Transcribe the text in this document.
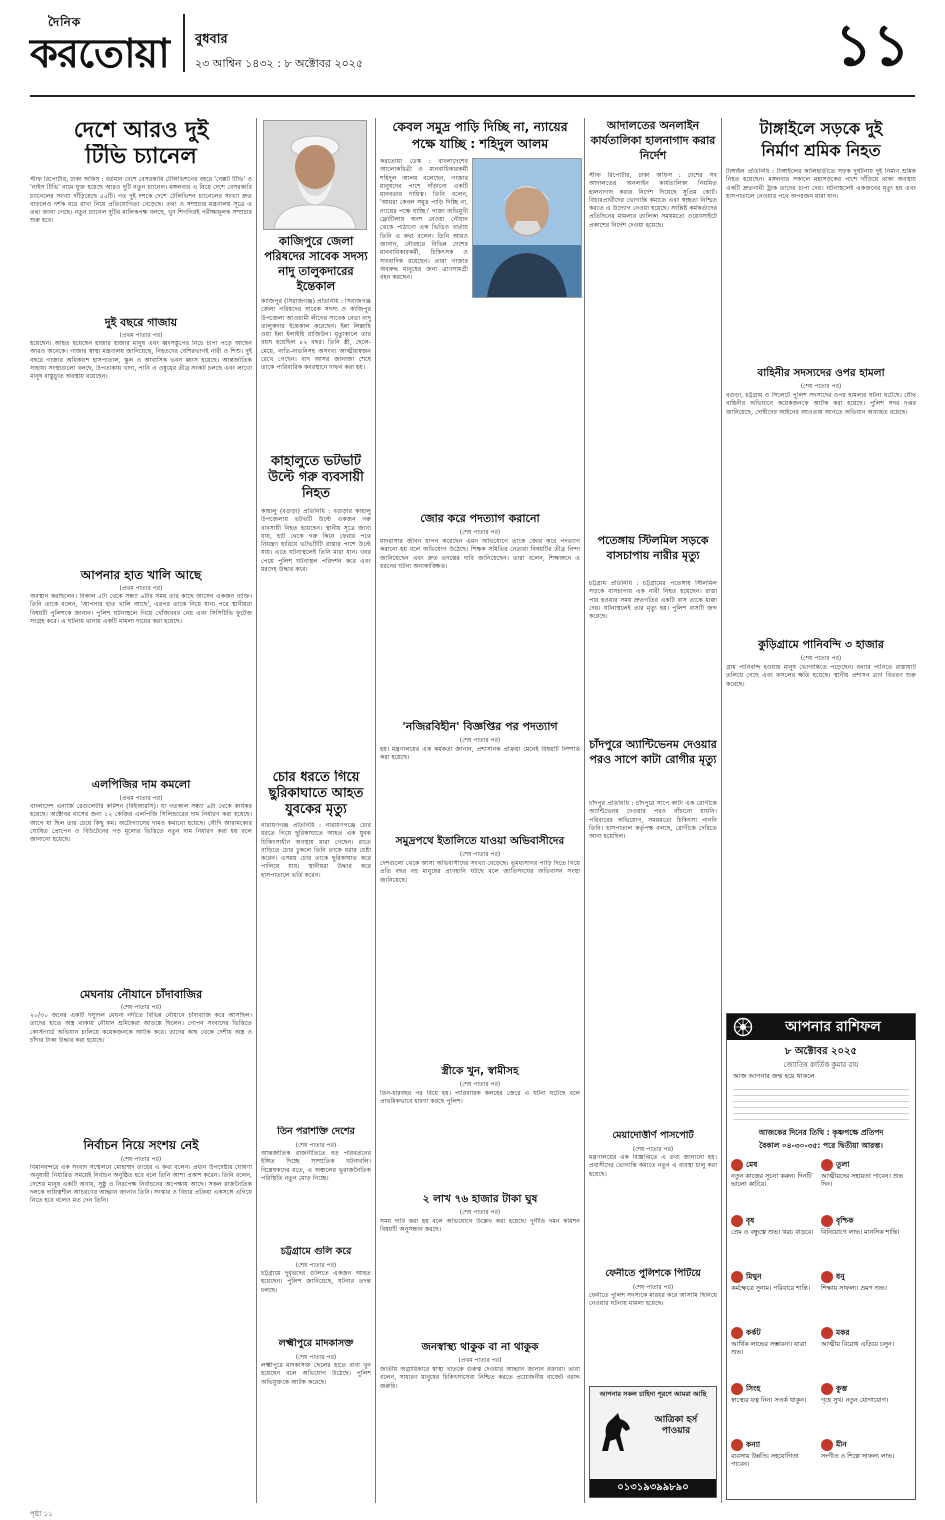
দৈনিক
করতোয়া বুধবার
২৩ আশ্বিন ১৪৩২ : ৮ অক্টোবর ২০২৫	১১
দেশে আরও দুই
টিভি চ্যানেল
স্টাফ রিপোর্টার, ঢাকা অফিস : বর্তমান দেশে বেসরকারি টেলিভিশনের বহরে 'নেক্সট টিভি' ও 'নাইস টিভি' নামে যুক্ত হয়েছে আরও দুটি নতুন চ্যানেল। মঙ্গলবার এ নিয়ে দেশে বেসরকারি চ্যানেলের সংখ্যা দাঁড়িয়েছে ৫৫টি। গত দুই দশকে দেশে টেলিভিশন চ্যানেলের সংখ্যা দ্রুত বাড়লেও দর্শক ধরে রাখা নিয়ে প্রতিযোগিতা বেড়েছে। তথ্য ও সম্প্রচার মন্ত্রণালয় সূত্রে এ তথ্য জানা গেছে। নতুন চ্যানেল দুটির মালিকপক্ষ বলছে, খুব শিগগিরই পরীক্ষামূলক সম্প্রচার শুরু হবে।
দুই বছরে গাজায়
(প্রথম পাতার পর)
হয়েছেন। আহত হয়েছেন হাজার হাজার মানুষ এবং ধ্বংসস্তূপের নিচে চাপা পড়ে আছেন আরও অনেকে। গাজার স্বাস্থ্য মন্ত্রণালয় জানিয়েছে, নিহতদের বেশিরভাগই নারী ও শিশু। দুই বছরে গাজার অধিকাংশ হাসপাতাল, স্কুল ও আবাসিক ভবন ধ্বংস হয়েছে। আন্তর্জাতিক সাহায্য সংস্থাগুলো বলছে, উপত্যকায় খাদ্য, পানি ও ওষুধের তীব্র সংকট চলছে এবং লাখো মানুষ বাস্তুচ্যুত অবস্থায় রয়েছেন।
আপনার হাত খালি আছে
(প্রথম পাতার পর)
অবস্থান করছিলেন। বিকাল ৫টা থেকে সন্ধ্যা ৬টার সময় তার কাছে আসেন একজন ব্যক্তি। তিনি তাকে বলেন, 'আপনার হাত খালি আছে', এরপর তাকে নিয়ে যান। পরে স্থানীয়রা বিষয়টি পুলিশকে জানান। পুলিশ ঘটনাস্থলে গিয়ে খোঁজখবর নেয় এবং সিসিটিভি ফুটেজ সংগ্রহ করে। এ ঘটনায় থানায় একটি মামলা দায়ের করা হয়েছে।
এলপিজির দাম কমলো
(প্রথম পাতার পর)
বাংলাদেশ এনার্জি রেগুলেটরি কমিশন (বিইআরসি)। যা গতকাল সন্ধ্যা ৬টা থেকে কার্যকর হয়েছে। অক্টোবর মাসের জন্য ১২ কেজির এলপিজি সিলিন্ডারের দাম নির্ধারণ করা হয়েছে। আগে যা ছিল তার চেয়ে কিছু কম। অটোগ্যাসের দামও কমানো হয়েছে। সৌদি আরামকোর ঘোষিত প্রোপেন ও বিউটেনের গড় মূল্যের ভিত্তিতে নতুন দাম নির্ধারণ করা হয় বলে জানানো হয়েছে।
মেঘনায় নৌযানে চাঁদাবাজির
(শেষ পাতার পর)
২০/৩০ জনের একটি দস্যুদল মেঘনা নদীতে বিভিন্ন নৌযানে চাঁদাবাজি করে আসছিল। তাদের হাতে অস্ত্র থাকায় নৌযান শ্রমিকেরা আতঙ্কে ছিলেন। গোপন সংবাদের ভিত্তিতে কোস্টগার্ড অভিযান চালিয়ে কয়েকজনকে আটক করে। তাদের কাছ থেকে দেশীয় অস্ত্র ও চাঁদার টাকা উদ্ধার করা হয়েছে।
নির্বাচন নিয়ে সংশয় নেই
(শেষ পাতার পর)
বিমানবন্দরে এক সংবাদ সম্মেলনে মোহাম্মদ তাহের এ কথা বলেন। প্রধান উপদেষ্টার ঘোষণা অনুযায়ী নির্ধারিত সময়েই নির্বাচন অনুষ্ঠিত হবে বলে তিনি আশা প্রকাশ করেন। তিনি বলেন, দেশের মানুষ একটি অবাধ, সুষ্ঠু ও নিরপেক্ষ নির্বাচনের অপেক্ষায় আছে। সকল রাজনৈতিক দলকে দায়িত্বশীল আচরণের আহ্বান জানান তিনি। সংস্কার ও বিচার প্রক্রিয়া একসঙ্গে এগিয়ে নিতে হবে বলেও মত দেন তিনি।
কাজিপুরে জেলা পরিষদের সাবেক সদস্য নাদু তালুকদারের ইন্তেকাল
কাজিপুর (সিরাজগঞ্জ) প্রতিনিধি : সিরাজগঞ্জ জেলা পরিষদের সাবেক সদস্য ও কাজিপুর উপজেলা আওয়ামী লীগের সাবেক নেতা নাদু তালুকদার ইন্তেকাল করেছেন। ইন্না লিল্লাহি ওয়া ইন্না ইলাইহি রাজিউন। মৃত্যুকালে তার বয়স হয়েছিল ৮২ বছর। তিনি স্ত্রী, ছেলে-মেয়ে, নাতি-নাতনিসহ অসংখ্য আত্মীয়স্বজন রেখে গেছেন। বাদ আসর জানাজা শেষে তাকে পারিবারিক কবরস্থানে দাফন করা হয়।
কাহালুতে ভটভটি উল্টে গরু ব্যবসায়ী নিহত
কাহালু (বগুড়া) প্রতিনিধি : বগুড়ার কাহালু উপজেলায় ভটভটি উল্টে একজন গরু ব্যবসায়ী নিহত হয়েছেন। স্থানীয় সূত্রে জানা যায়, হাট থেকে গরু কিনে ফেরার পথে নিয়ন্ত্রণ হারিয়ে ভটভটিটি রাস্তার পাশে উল্টে যায়। এতে ঘটনাস্থলেই তিনি মারা যান। খবর পেয়ে পুলিশ ঘটনাস্থল পরিদর্শন করে এবং মরদেহ উদ্ধার করে।
চোর ধরতে গিয়ে ছুরিকাঘাতে আহত যুবকের মৃত্যু
নারায়ণগঞ্জ প্রতিনিধি : নারায়ণগঞ্জে চোর ধরতে গিয়ে ছুরিকাঘাতে আহত এক যুবক চিকিৎসাধীন অবস্থায় মারা গেছেন। রাতে বাড়িতে চোর ঢুকলে তিনি তাকে ধরার চেষ্টা করেন। এসময় চোর তাকে ছুরিকাঘাত করে পালিয়ে যায়। স্থানীয়রা উদ্ধার করে হাসপাতালে ভর্তি করেন।
তিন পরাশক্তি দেশের
(শেষ পাতার পর)
আন্তর্জাতিক রাজনীতিতে বড় পরিবর্তনের ইঙ্গিত দিচ্ছে সাম্প্রতিক ঘটনাবলি। বিশ্লেষকদের মতে, এ অঞ্চলের ভূরাজনৈতিক পরিস্থিতি নতুন মোড় নিচ্ছে।
চট্টগ্রামে গুলি করে
(শেষ পাতার পর)
চট্টগ্রামে দুর্বৃত্তদের গুলিতে একজন আহত হয়েছেন। পুলিশ জানিয়েছে, ঘটনার তদন্ত চলছে।
লক্ষ্মীপুরে মাদকাসক্ত
(শেষ পাতার পর)
লক্ষ্মীপুরে মাদকাসক্ত ছেলের হাতে বাবা খুন হয়েছেন বলে অভিযোগ উঠেছে। পুলিশ অভিযুক্তকে আটক করেছে।
কেবল সমুদ্র পাড়ি দিচ্ছি না, ন্যায়ের পক্ষে যাচ্ছি : শহিদুল আলম
করতোয়া ডেস্ক : বাংলাদেশের আলোকচিত্রী ও মানবাধিকারকর্মী শহিদুল আলম বলেছেন, গাজার মানুষদের পাশে দাঁড়ানো একটি মানবতার দায়িত্ব। তিনি বলেন, 'আমরা কেবল সমুদ্র পাড়ি দিচ্ছি না, ন্যায়ের পক্ষে যাচ্ছি।' গাজা অভিমুখী ফ্লোটিলায় অংশ নেওয়া নৌযান থেকে পাঠানো এক ভিডিও বার্তায় তিনি এ কথা বলেন। তিনি আরও জানান, নৌবহরে বিভিন্ন দেশের মানবাধিকারকর্মী, চিকিৎসক ও সাংবাদিক রয়েছেন। তারা গাজার অবরুদ্ধ মানুষের জন্য ত্রাণসামগ্রী বহন করছেন।
জোর করে পদত্যাগ করানো
(শেষ পাতার পর)
মাদরাসার জীবন যাপন করেছেন এমন অভিযোগে তাকে জোর করে পদত্যাগ করানো হয় বলে অভিযোগ উঠেছে। শিক্ষক সমিতির নেতারা বিষয়টির তীব্র নিন্দা জানিয়েছেন এবং দ্রুত তদন্তের দাবি জানিয়েছেন। তারা বলেন, শিক্ষাঙ্গনে এ ধরনের ঘটনা অনাকাঙ্ক্ষিত।
'নজিরবিহীন' বিজ্ঞপ্তির পর পদত্যাগ
(শেষ পাতার পর)
হয়। মন্ত্রণালয়ের এক কর্মকর্তা জানান, প্রশাসনিক প্রক্রিয়া মেনেই বিষয়টি নিষ্পত্তি করা হয়েছে।
সমুদ্রপথে ইতালিতে যাওয়া অভিবাসীদের
(শেষ পাতার পর)
দেশগুলো থেকে আসা অভিবাসীদের সংখ্যা বেড়েছে। ভূমধ্যসাগর পাড়ি দিতে গিয়ে প্রতি বছর বহু মানুষের প্রাণহানি ঘটছে বলে জাতিসংঘের অভিবাসন সংস্থা জানিয়েছে।
স্ত্রীকে খুন, স্বামীসহ
(শেষ পাতার পর)
তিন-চারবছর পর বিয়ে হয়। পারিবারিক কলহের জেরে এ ঘটনা ঘটেছে বলে প্রাথমিকভাবে ধারণা করছে পুলিশ।
২ লাখ ৭৬ হাজার টাকা ঘুষ
(শেষ পাতার পর)
সময় দাবি করা হয় বলে অভিযোগে উল্লেখ করা হয়েছে। দুর্নীতি দমন কমিশন বিষয়টি অনুসন্ধান করছে।
জনস্বাস্থ্য থাকুক বা না থাকুক
(প্রথম পাতার পর)
জাতীয় অগ্রাধিকারে স্বাস্থ্য খাতকে গুরুত্ব দেওয়ার আহ্বান জানান বক্তারা। তারা বলেন, সাধারণ মানুষের চিকিৎসাসেবা নিশ্চিত করতে প্রয়োজনীয় বাজেট বরাদ্দ জরুরি।
আদালতের অনলাইন কার্যতালিকা হালনাগাদ করার নির্দেশ
স্টাফ রিপোর্টার, ঢাকা অফিস : দেশের সব আদালতের অনলাইন কার্যতালিকা নিয়মিত হালনাগাদ করার নির্দেশ দিয়েছে সুপ্রিম কোর্ট। বিচারপ্রার্থীদের ভোগান্তি কমাতে এবং স্বচ্ছতা নিশ্চিত করতে এ উদ্যোগ নেওয়া হয়েছে। সংশ্লিষ্ট কর্মকর্তাদের প্রতিদিনের মামলার তালিকা সময়মতো ওয়েবসাইটে প্রকাশের নির্দেশ দেওয়া হয়েছে।
পতেঙ্গায় স্টিলমিল সড়কে বাসচাপায় নারীর মৃত্যু
চট্টগ্রাম প্রতিনিধি : চট্টগ্রামের পতেঙ্গায় স্টিলমিল সড়কে বাসচাপায় এক নারী নিহত হয়েছেন। রাস্তা পার হওয়ার সময় দ্রুতগতির একটি বাস তাকে ধাক্কা দেয়। ঘটনাস্থলেই তার মৃত্যু হয়। পুলিশ বাসটি জব্দ করেছে।
চাঁদপুরে অ্যান্টিভেনম দেওয়ার পরও সাপে কাটা রোগীর মৃত্যু
চাঁদপুর প্রতিনিধি : চাঁদপুরে সাপে কাটা এক রোগীকে অ্যান্টিভেনম দেওয়ার পরও বাঁচানো যায়নি। পরিবারের অভিযোগ, সময়মতো চিকিৎসা পাননি তিনি। হাসপাতাল কর্তৃপক্ষ বলছে, রোগীকে দেরিতে আনা হয়েছিল।
মেয়াদোত্তীর্ণ পাসপোর্ট
(শেষ পাতার পর)
মন্ত্রণালয়ের এক বিজ্ঞপ্তিতে এ তথ্য জানানো হয়। প্রবাসীদের ভোগান্তি কমাতে নতুন এ ব্যবস্থা চালু করা হয়েছে।
ফেনীতে পুলিশকে পিটিয়ে
(শেষ পাতার পর)
ফেনীতে পুলিশ সদস্যকে মারধর করে আসামি ছিনিয়ে নেওয়ার ঘটনায় মামলা হয়েছে।
আপনার সকল চাহিদা পূরণে আমরা আছি
আত্রিকা হর্স পাওয়ার
০১৩১৯৩৯৯৮৯০
টাঙ্গাইলে সড়কে দুই
নির্মাণ শ্রমিক নিহত
টাঙ্গাইল প্রতিনিধি : টাঙ্গাইলের কালিহাতীতে সড়ক দুর্ঘটনায় দুই নির্মাণ শ্রমিক নিহত হয়েছেন। মঙ্গলবার সকালে মহাসড়কের পাশে দাঁড়িয়ে থাকা অবস্থায় একটি দ্রুতগামী ট্রাক তাদের চাপা দেয়। ঘটনাস্থলেই একজনের মৃত্যু হয় এবং হাসপাতালে নেওয়ার পথে অপরজন মারা যান।
বাহিনীর সদস্যদের ওপর হামলা
(শেষ পাতার পর)
বগুড়া, চট্টগ্রাম ও সিলেটে পুলিশ সদস্যদের ওপর হামলার ঘটনা ঘটেছে। যৌথ বাহিনীর অভিযানে কয়েকজনকে আটক করা হয়েছে। পুলিশ সদর দপ্তর জানিয়েছে, দোষীদের আইনের আওতায় আনতে অভিযান অব্যাহত রয়েছে।
কুড়িগ্রামে পানিবন্দি ৩ হাজার
(শেষ পাতার পর)
গ্রাম পানিবন্দি হওয়ায় মানুষ ভোগান্তিতে পড়েছেন। বন্যার পানিতে রাস্তাঘাট তলিয়ে গেছে এবং ফসলের ক্ষতি হয়েছে। স্থানীয় প্রশাসন ত্রাণ বিতরণ শুরু করেছে।
আপনার রাশিফল
৮ অক্টোবর ২০২৫
জ্যোতিষ কার্তিক কুমার রায়
আজ আপনার জন্ম হয়ে থাকলে
আজকের দিনের তিথি : কৃষ্ণপক্ষে প্রতিপদ
বৈকাল ০৪-৩০-৩৫: পরে দ্বিতীয়া আরম্ভ।
মেষ
নতুন কাজের সূচনা করুন। দিনটি ভালো কাটবে।
বৃষ
প্রেম ও বন্ধুত্বে শুভ। খরচ বাড়বে।
মিথুন
কর্মক্ষেত্রে সুনাম। পরিবারে শান্তি।
কর্কট
আর্থিক লাভের সম্ভাবনা। যাত্রা শুভ।
সিংহ
স্বাস্থ্যের যত্ন নিন। সতর্ক থাকুন।
কন্যা
ব্যবসায় উন্নতি। সহযোগিতা পাবেন।
তুলা
আত্মীয়দের সহায়তা পাবেন। শুভ দিন।
বৃশ্চিক
বিনিয়োগে লাভ। মানসিক শান্তি।
ধনু
শিক্ষায় সাফল্য। ভ্রমণ শুভ।
মকর
আত্মীয় বিরোধ এড়িয়ে চলুন।
কুম্ভ
গৃহে সুখ। নতুন যোগাযোগ।
মীন
সংগীত ও শিল্পে সাফল্য লাভ।
পৃষ্ঠা ১১
